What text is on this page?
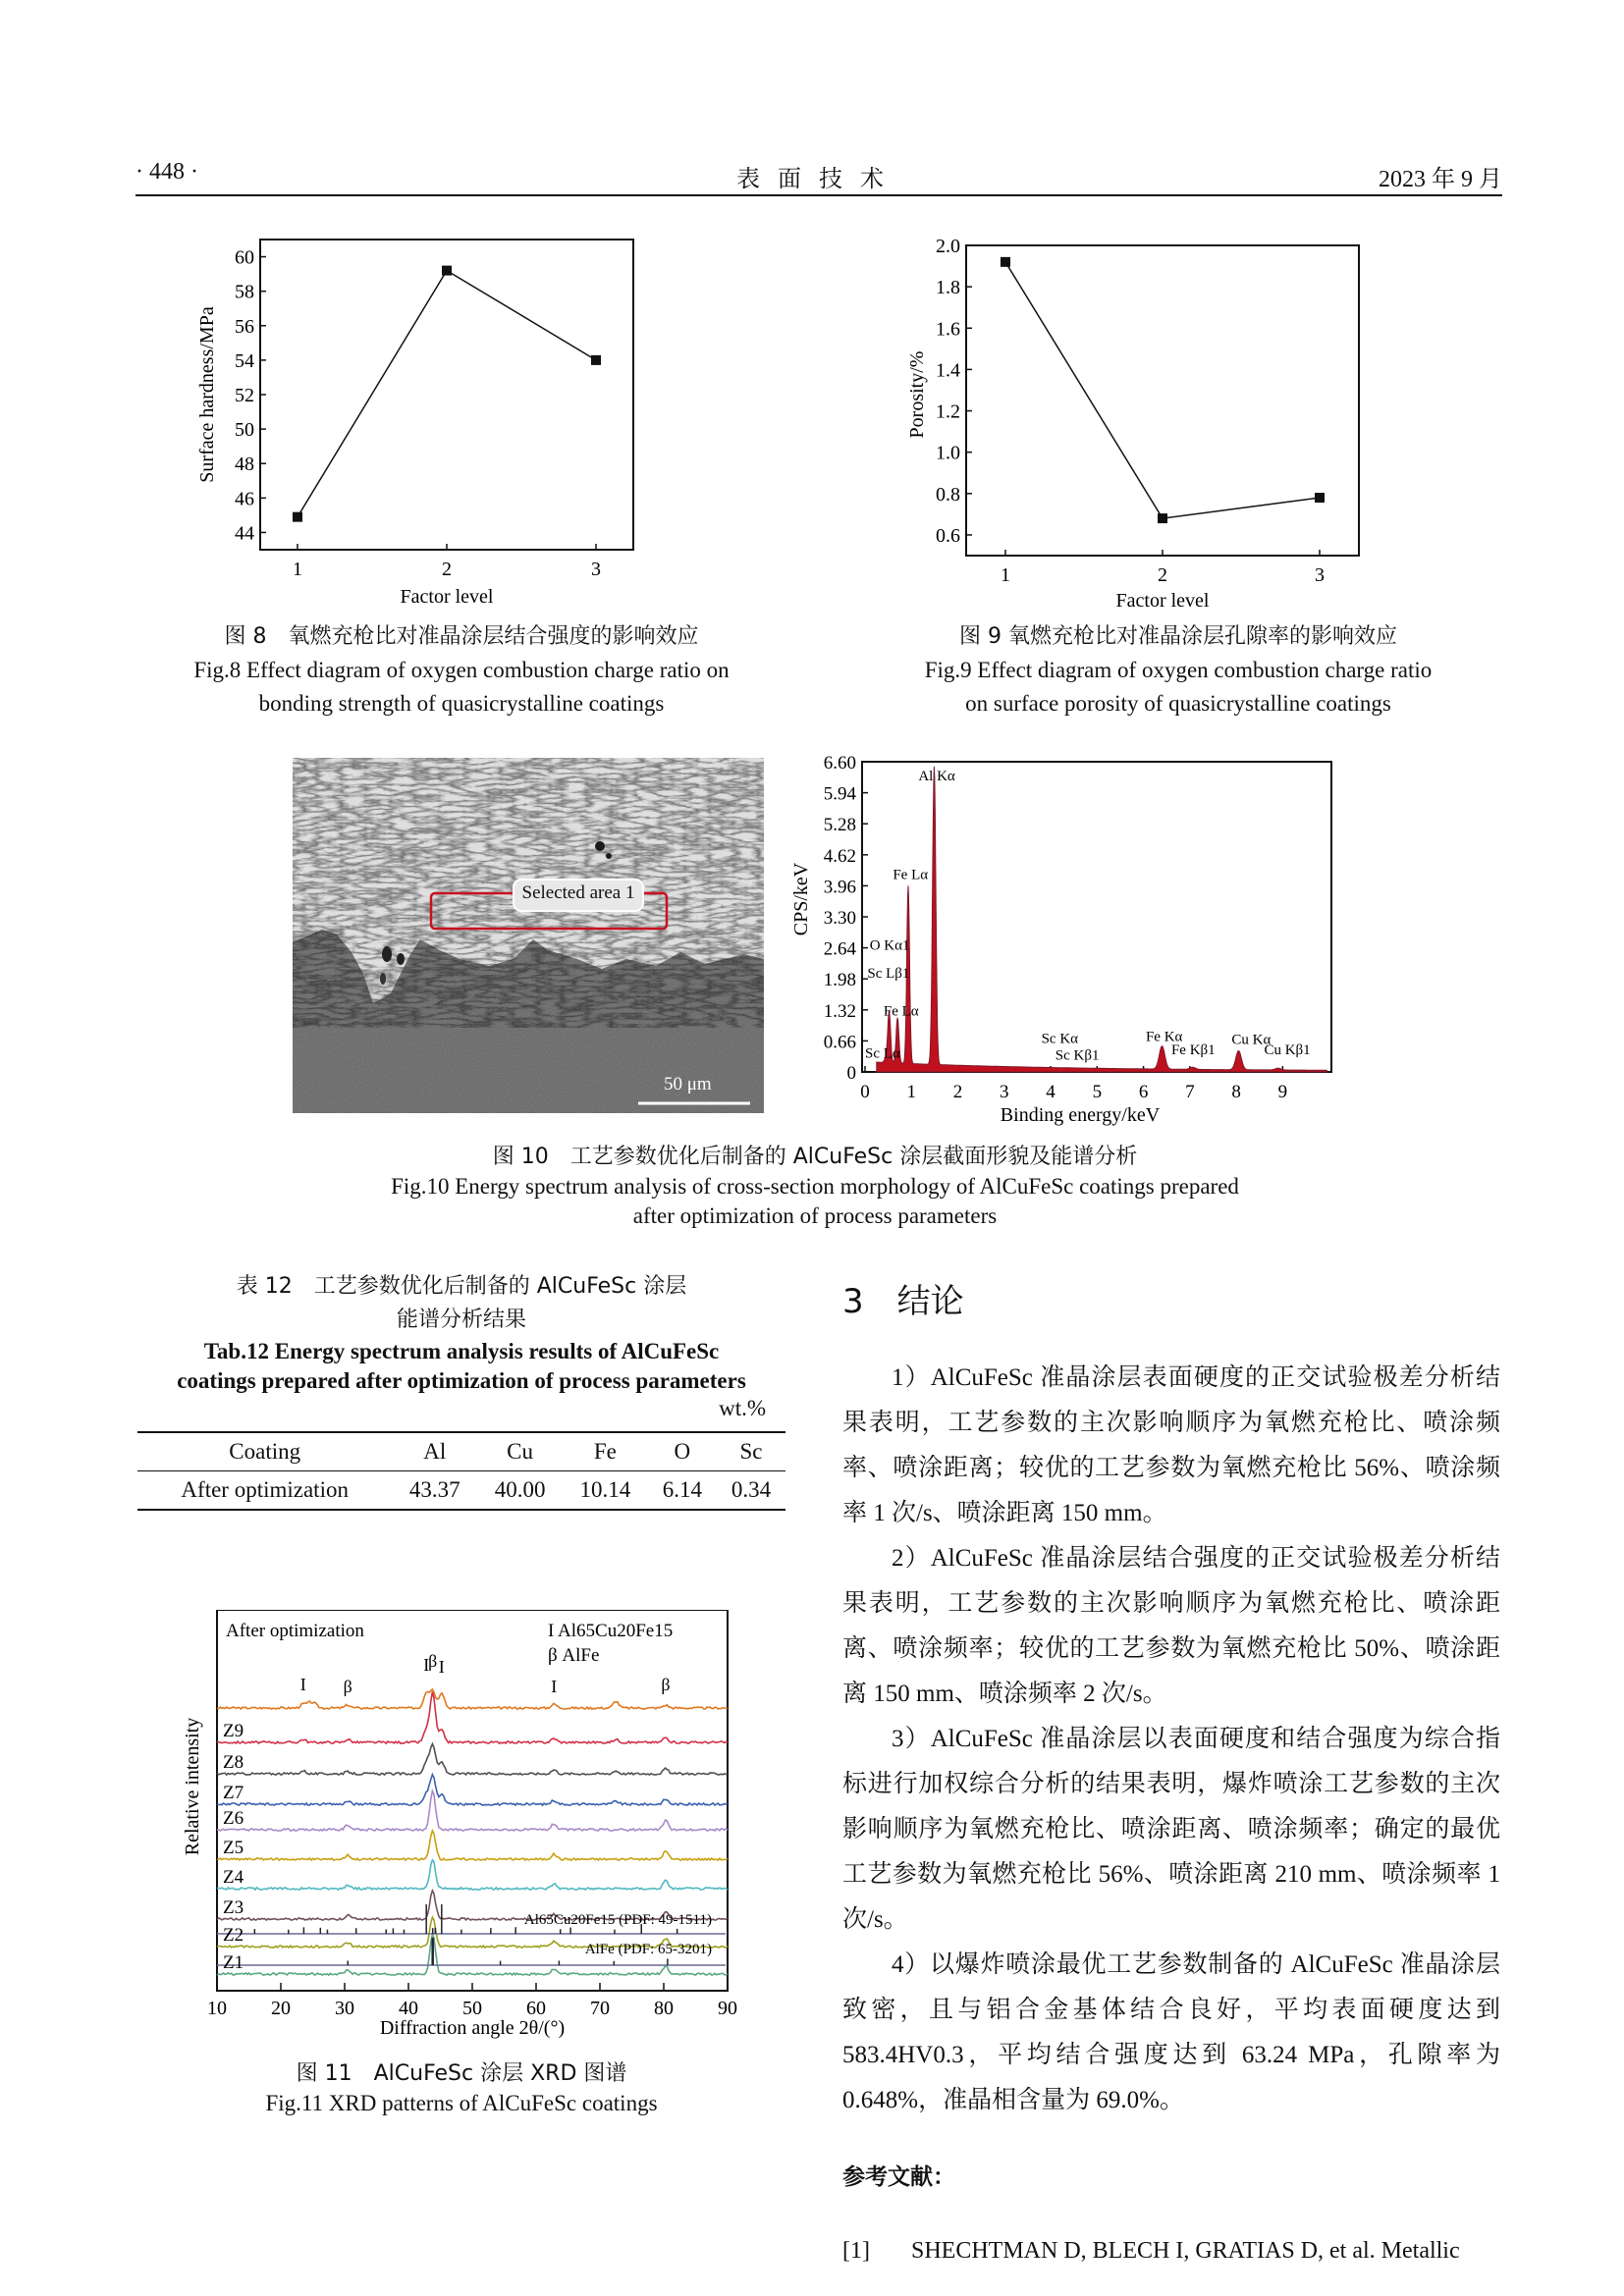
· 448 ·	表面技术	2023 年 9 月
44
46
48
50
52
54
56
58
60
1	2	3
Factor level
Surface hardness/MPa
图 8　氧燃充枪比对准晶涂层结合强度的影响效应
Fig.8 Effect diagram of oxygen combustion charge ratio on
bonding strength of quasicrystalline coatings
0.6
0.8
1.0
1.2
1.4
1.6
1.8
2.0
1	2	3
Factor level
Porosity/%
图 9 氧燃充枪比对准晶涂层孔隙率的影响效应
Fig.9 Effect diagram of oxygen combustion charge ratio
on surface porosity of quasicrystalline coatings
Selected area 1
50 μm
0
0.66
1.32
1.98
2.64
3.30
3.96
4.62
5.28
5.94
6.60
0 1 2 3 4 5 6 7 8 9
Sc Lα
O Kα1
Fe Lα
Sc Lβ1
Fe Lα
Al Kα
Sc Kα
Sc Kβ1
Fe Kα
Fe Kβ1
Cu Kα
Cu Kβ1
Binding energy/keV
CPS/keV
图 10　工艺参数优化后制备的 AlCuFeSc 涂层截面形貌及能谱分析
Fig.10 Energy spectrum analysis of cross-section morphology of AlCuFeSc coatings prepared
after optimization of process parameters
表 12　工艺参数优化后制备的 AlCuFeSc 涂层
能谱分析结果
Tab.12 Energy spectrum analysis results of AlCuFeSc
coatings prepared after optimization of process parameters
wt.%
Coating	Al	Cu	Fe	O	Sc
After optimization	43.37	40.00	10.14	6.14	0.34
10 20 30 40 50 60 70 80 90
Z9
Z8
Z7
Z6
Z5
Z4
Z3
Z2
Z1
I β
I
β I
I	β
After optimization	I Al65Cu20Fe15
β AlFe
Al65Cu20Fe15 (PDF: 49-1511)
AlFe (PDF: 65-3201)
Diffraction angle 2θ/(°)
Relative intensity
图 11　AlCuFeSc 涂层 XRD 图谱
Fig.11 XRD patterns of AlCuFeSc coatings
3　结论

1）AlCuFeSc 准晶涂层表面硬度的正交试验极差分析结果表明，工艺参数的主次影响顺序为氧燃充枪比、喷涂频率、喷涂距离；较优的工艺参数为氧燃充枪比 56%、喷涂频率 1 次/s、喷涂距离 150 mm。

2）AlCuFeSc 准晶涂层结合强度的正交试验极差分析结果表明，工艺参数的主次影响顺序为氧燃充枪比、喷涂距离、喷涂频率；较优的工艺参数为氧燃充枪比 50%、喷涂距离 150 mm、喷涂频率 2 次/s。

3）AlCuFeSc 准晶涂层以表面硬度和结合强度为综合指标进行加权综合分析的结果表明，爆炸喷涂工艺参数的主次影响顺序为氧燃充枪比、喷涂距离、喷涂频率；确定的最优工艺参数为氧燃充枪比 56%、喷涂距离 210 mm、喷涂频率 1 次/s。

4）以爆炸喷涂最优工艺参数制备的 AlCuFeSc 准晶涂层致密，且与铝合金基体结合良好，平均表面硬度达到 583.4HV0.3，平均结合强度达到 63.24 MPa，孔隙率为 0.648%，准晶相含量为 69.0%。

参考文献：
[1]	SHECHTMAN D, BLECH I, GRATIAS D, et al. Metallic
